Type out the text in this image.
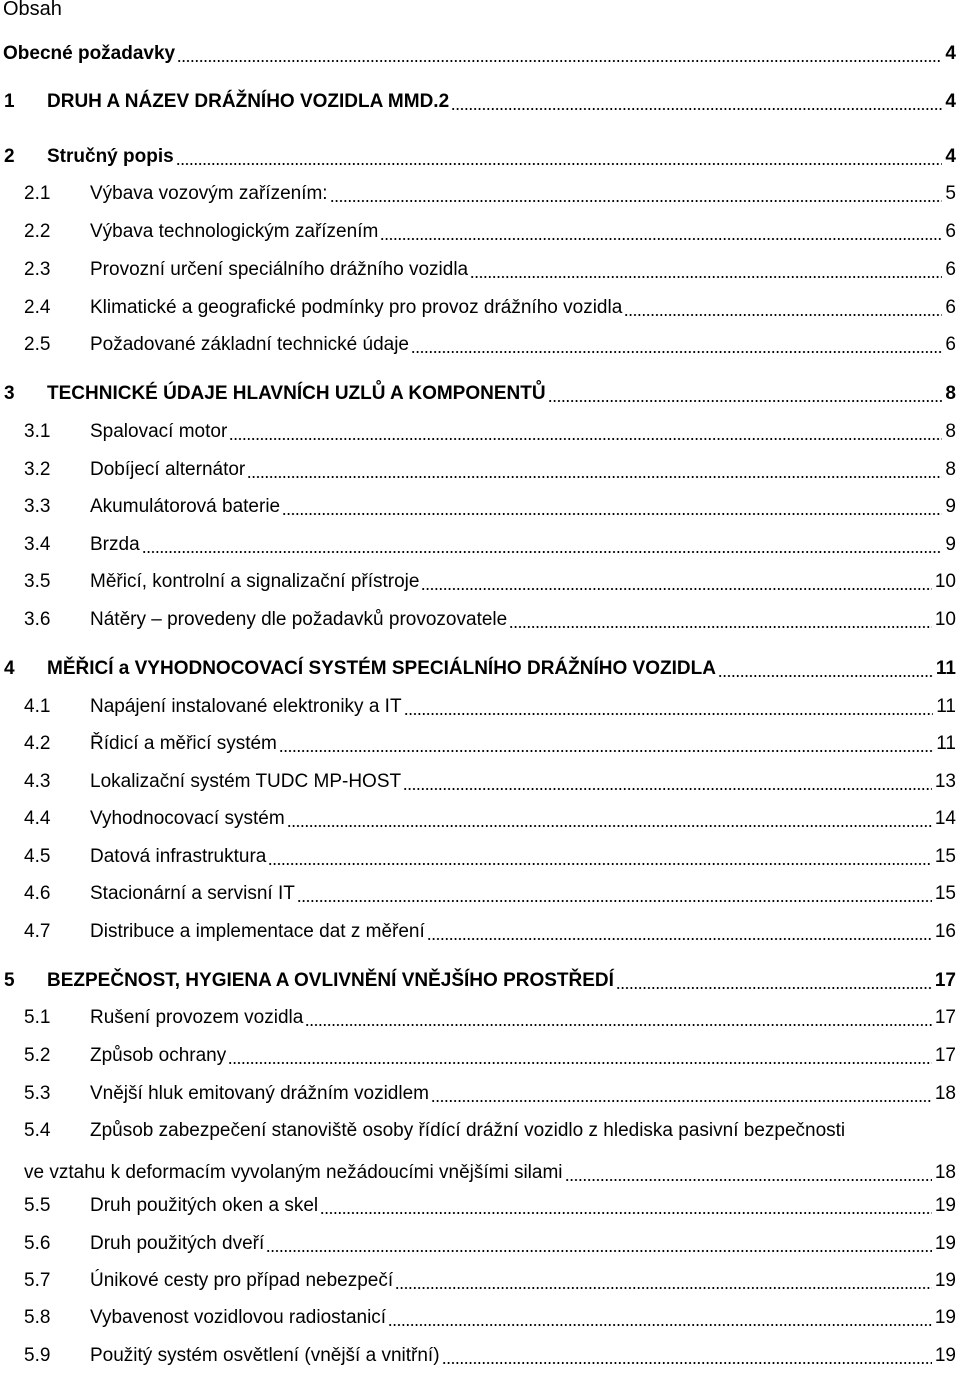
Obsah
Obecné požadavky	4
1 DRUH A NÁZEV DRÁŽNÍHO VOZIDLA MMD.2	4
2 Stručný popis	4
2.1 Výbava vozovým zařízením:	5
2.2 Výbava technologickým zařízením	6
2.3 Provozní určení speciálního drážního vozidla	6
2.4 Klimatické a geografické podmínky pro provoz drážního vozidla	6
2.5 Požadované základní technické údaje	6
3 TECHNICKÉ ÚDAJE HLAVNÍCH UZLŮ A KOMPONENTŮ	8
3.1 Spalovací motor	8
3.2 Dobíjecí alternátor	8
3.3 Akumulátorová baterie	9
3.4 Brzda	9
3.5 Měřicí, kontrolní a signalizační přístroje	10
3.6 Nátěry – provedeny dle požadavků provozovatele	10
4 MĚŘICÍ a VYHODNOCOVACÍ SYSTÉM SPECIÁLNÍHO DRÁŽNÍHO VOZIDLA	11
4.1 Napájení instalované elektroniky a IT	11
4.2 Řídicí a měřicí systém	11
4.3 Lokalizační systém TUDC MP-HOST	13
4.4 Vyhodnocovací systém	14
4.5 Datová infrastruktura	15
4.6 Stacionární a servisní IT	15
4.7 Distribuce a implementace dat z měření	16
5 BEZPEČNOST, HYGIENA A OVLIVNĚNÍ VNĚJŠÍHO PROSTŘEDÍ	17
5.1 Rušení provozem vozidla	17
5.2 Způsob ochrany	17
5.3 Vnější hluk emitovaný drážním vozidlem	18
5.4 Způsob zabezpečení stanoviště osoby řídící drážní vozidlo z hlediska pasivní bezpečnosti
ve vztahu k deformacím vyvolaným nežádoucími vnějšími silami	18
5.5 Druh použitých oken a skel	19
5.6 Druh použitých dveří	19
5.7 Únikové cesty pro případ nebezpečí	19
5.8 Vybavenost vozidlovou radiostanicí	19
5.9 Použitý systém osvětlení (vnější a vnitřní)	19
